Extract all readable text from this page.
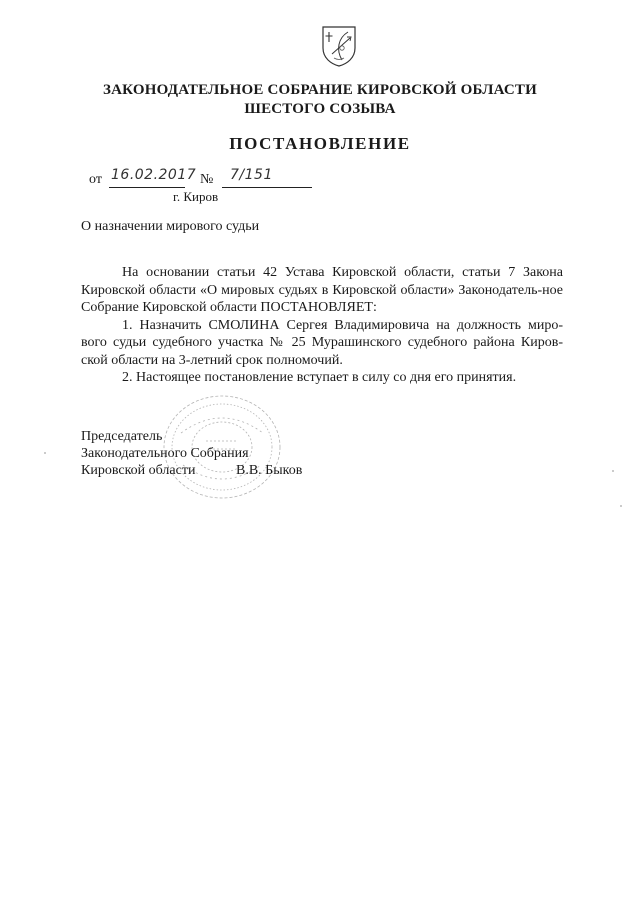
ЗАКОНОДАТЕЛЬНОЕ СОБРАНИЕ КИРОВСКОЙ ОБЛАСТИ
ШЕСТОГО СОЗЫВА
ПОСТАНОВЛЕНИЕ
от 16.02.2017 № 7/151
г. Киров
О назначении мирового судьи

На основании статьи 42 Устава Кировской области, статьи 7 Закона Кировской области «О мировых судьях в Кировской области» Законодатель-ное Собрание Кировской области ПОСТАНОВЛЯЕТ:

1. Назначить СМОЛИНА Сергея Владимировича на должность миро-вого судьи судебного участка № 25 Мурашинского судебного района Киров-ской области на 3-летний срок полномочий.

2. Настоящее постановление вступает в силу со дня его принятия.

Председатель
Законодательного Собрания
Кировской области	В.В. Быков
